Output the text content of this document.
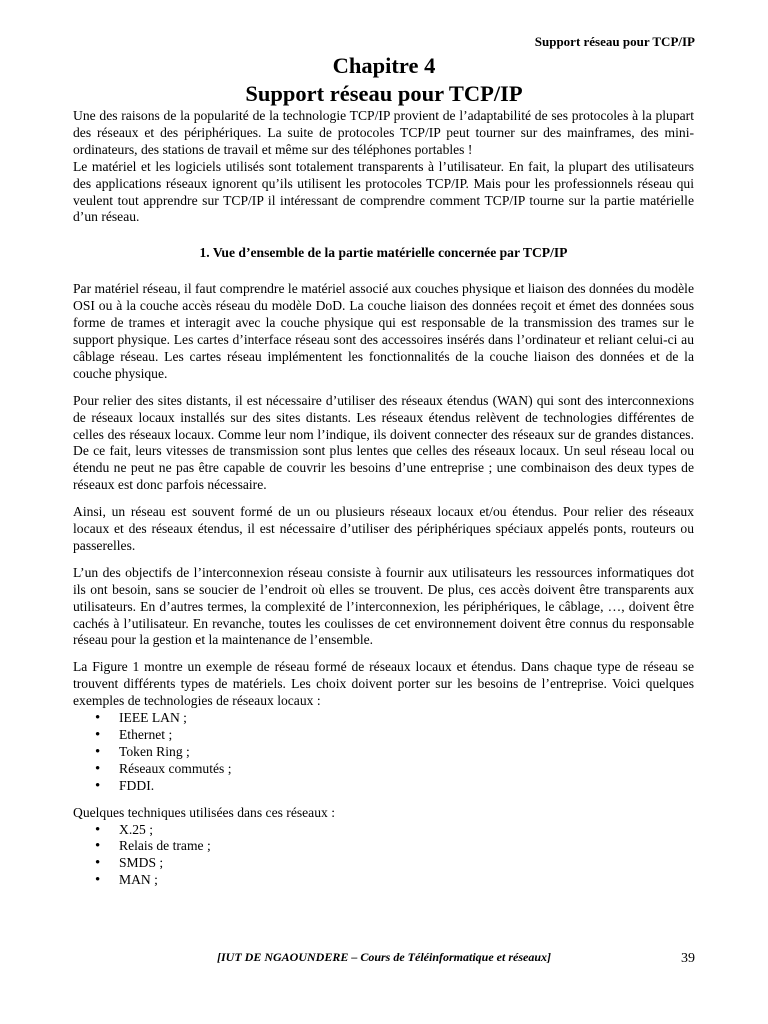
Support réseau pour TCP/IP
Chapitre 4
Support réseau pour TCP/IP

Une des raisons de la popularité de la technologie TCP/IP provient de l’adaptabilité de ses protocoles à la plupart des réseaux et des périphériques. La suite de protocoles TCP/IP peut tourner sur des mainframes, des mini-ordinateurs, des stations de travail et même sur des téléphones portables !

Le matériel et les logiciels utilisés sont totalement transparents à l’utilisateur. En fait, la plupart des utilisateurs des applications réseaux ignorent qu’ils utilisent les protocoles TCP/IP. Mais pour les professionnels réseau qui veulent tout apprendre sur TCP/IP il intéressant de comprendre comment TCP/IP tourne sur la partie matérielle d’un réseau.

1. Vue d’ensemble de la partie matérielle concernée par TCP/IP

Par matériel réseau, il faut comprendre le matériel associé aux couches physique et liaison des données du modèle OSI ou à la couche accès réseau du modèle DoD. La couche liaison des données reçoit et émet des données sous forme de trames et interagit avec la couche physique qui est responsable de la transmission des trames sur le support physique. Les cartes d’interface réseau sont des accessoires insérés dans l’ordinateur et reliant celui-ci au câblage réseau. Les cartes réseau implémentent les fonctionnalités de la couche liaison des données et de la couche physique.

Pour relier des sites distants, il est nécessaire d’utiliser des réseaux étendus (WAN) qui sont des interconnexions de réseaux locaux installés sur des sites distants. Les réseaux étendus relèvent de technologies différentes de celles des réseaux locaux. Comme leur nom l’indique, ils doivent connecter des réseaux sur de grandes distances. De ce fait, leurs vitesses de transmission sont plus lentes que celles des réseaux locaux. Un seul réseau local ou étendu ne peut ne pas être capable de couvrir les besoins d’une entreprise ; une combinaison des deux types de réseaux est donc parfois nécessaire.

Ainsi, un réseau est souvent formé de un ou plusieurs réseaux locaux et/ou étendus. Pour relier des réseaux locaux et des réseaux étendus, il est nécessaire d’utiliser des périphériques spéciaux appelés ponts, routeurs ou passerelles.

L’un des objectifs de l’interconnexion réseau consiste à fournir aux utilisateurs les ressources informatiques dot ils ont besoin, sans se soucier de l’endroit où elles se trouvent. De plus, ces accès doivent être transparents aux utilisateurs. En d’autres termes, la complexité de l’interconnexion, les périphériques, le câblage, …, doivent être cachés à l’utilisateur. En revanche, toutes les coulisses de cet environnement doivent être connus du responsable réseau pour la gestion et la maintenance de l’ensemble.

La Figure 1 montre un exemple de réseau formé de réseaux locaux et étendus. Dans chaque type de réseau se trouvent différents types de matériels. Les choix doivent porter sur les besoins de l’entreprise. Voici quelques exemples de technologies de réseaux locaux :

• IEEE LAN ;
• Ethernet ;
• Token Ring ;
• Réseaux commutés ;
• FDDI.

Quelques techniques utilisées dans ces réseaux :

• X.25 ;
• Relais de trame ;
• SMDS ;
• MAN ;
[IUT DE NGAOUNDERE – Cours de Téléinformatique et réseaux]	39
